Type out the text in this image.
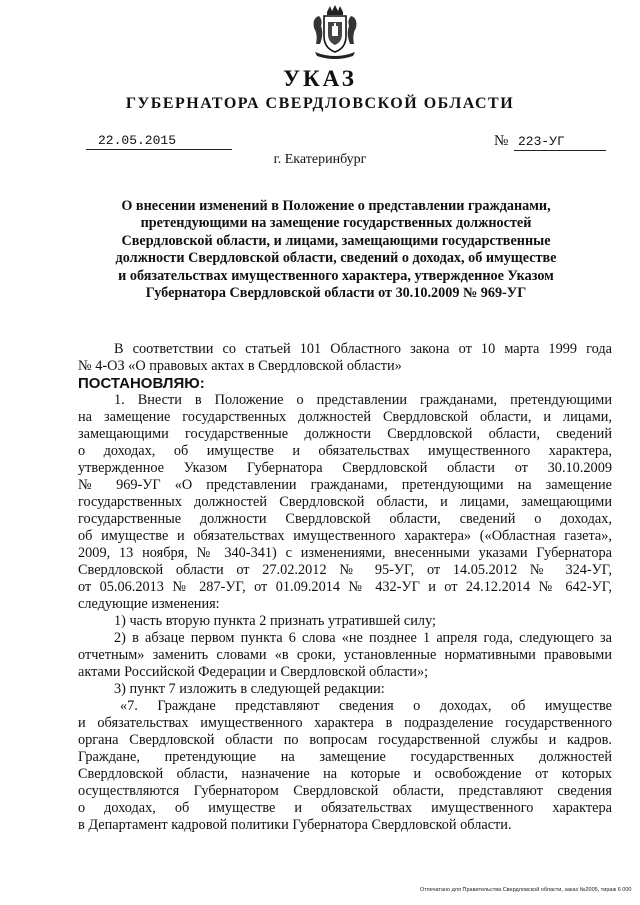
УКАЗ
ГУБЕРНАТОРА СВЕРДЛОВСКОЙ ОБЛАСТИ
22.05.2015	№ 223-УГ
г. Екатеринбург
О внесении изменений в Положение о представлении гражданами,
претендующими на замещение государственных должностей
Свердловской области, и лицами, замещающими государственные
должности Свердловской области, сведений о доходах, об имуществе
и обязательствах имущественного характера, утвержденное Указом
Губернатора Свердловской области от 30.10.2009 № 969-УГ
В соответствии со статьей 101 Областного закона от 10 марта 1999 года
№ 4-ОЗ «О правовых актах в Свердловской области»
ПОСТАНОВЛЯЮ:
1. Внести в Положение о представлении гражданами, претендующими
на замещение государственных должностей Свердловской области, и лицами,
замещающими государственные должности Свердловской области, сведений
о доходах, об имуществе и обязательствах имущественного характера,
утвержденное Указом Губернатора Свердловской области от 30.10.2009
№ 969-УГ «О представлении гражданами, претендующими на замещение
государственных должностей Свердловской области, и лицами, замещающими
государственные должности Свердловской области, сведений о доходах,
об имуществе и обязательствах имущественного характера» («Областная газета»,
2009, 13 ноября, № 340-341) с изменениями, внесенными указами Губернатора
Свердловской области от 27.02.2012 № 95-УГ, от 14.05.2012 № 324-УГ,
от 05.06.2013 № 287-УГ, от 01.09.2014 № 432-УГ и от 24.12.2014 № 642-УГ,
следующие изменения:
1) часть вторую пункта 2 признать утратившей силу;
2) в абзаце первом пункта 6 слова «не позднее 1 апреля года, следующего за
отчетным» заменить словами «в сроки, установленные нормативными правовыми
актами Российской Федерации и Свердловской области»;
3) пункт 7 изложить в следующей редакции:
«7. Граждане представляют сведения о доходах, об имуществе
и обязательствах имущественного характера в подразделение государственного
органа Свердловской области по вопросам государственной службы и кадров.
Граждане, претендующие на замещение государственных должностей
Свердловской области, назначение на которые и освобождение от которых
осуществляются Губернатором Свердловской области, представляют сведения
о доходах, об имуществе и обязательствах имущественного характера
в Департамент кадровой политики Губернатора Свердловской области.
Отпечатано для Правительства Свердловской области, заказ №2005, тираж 6 000
